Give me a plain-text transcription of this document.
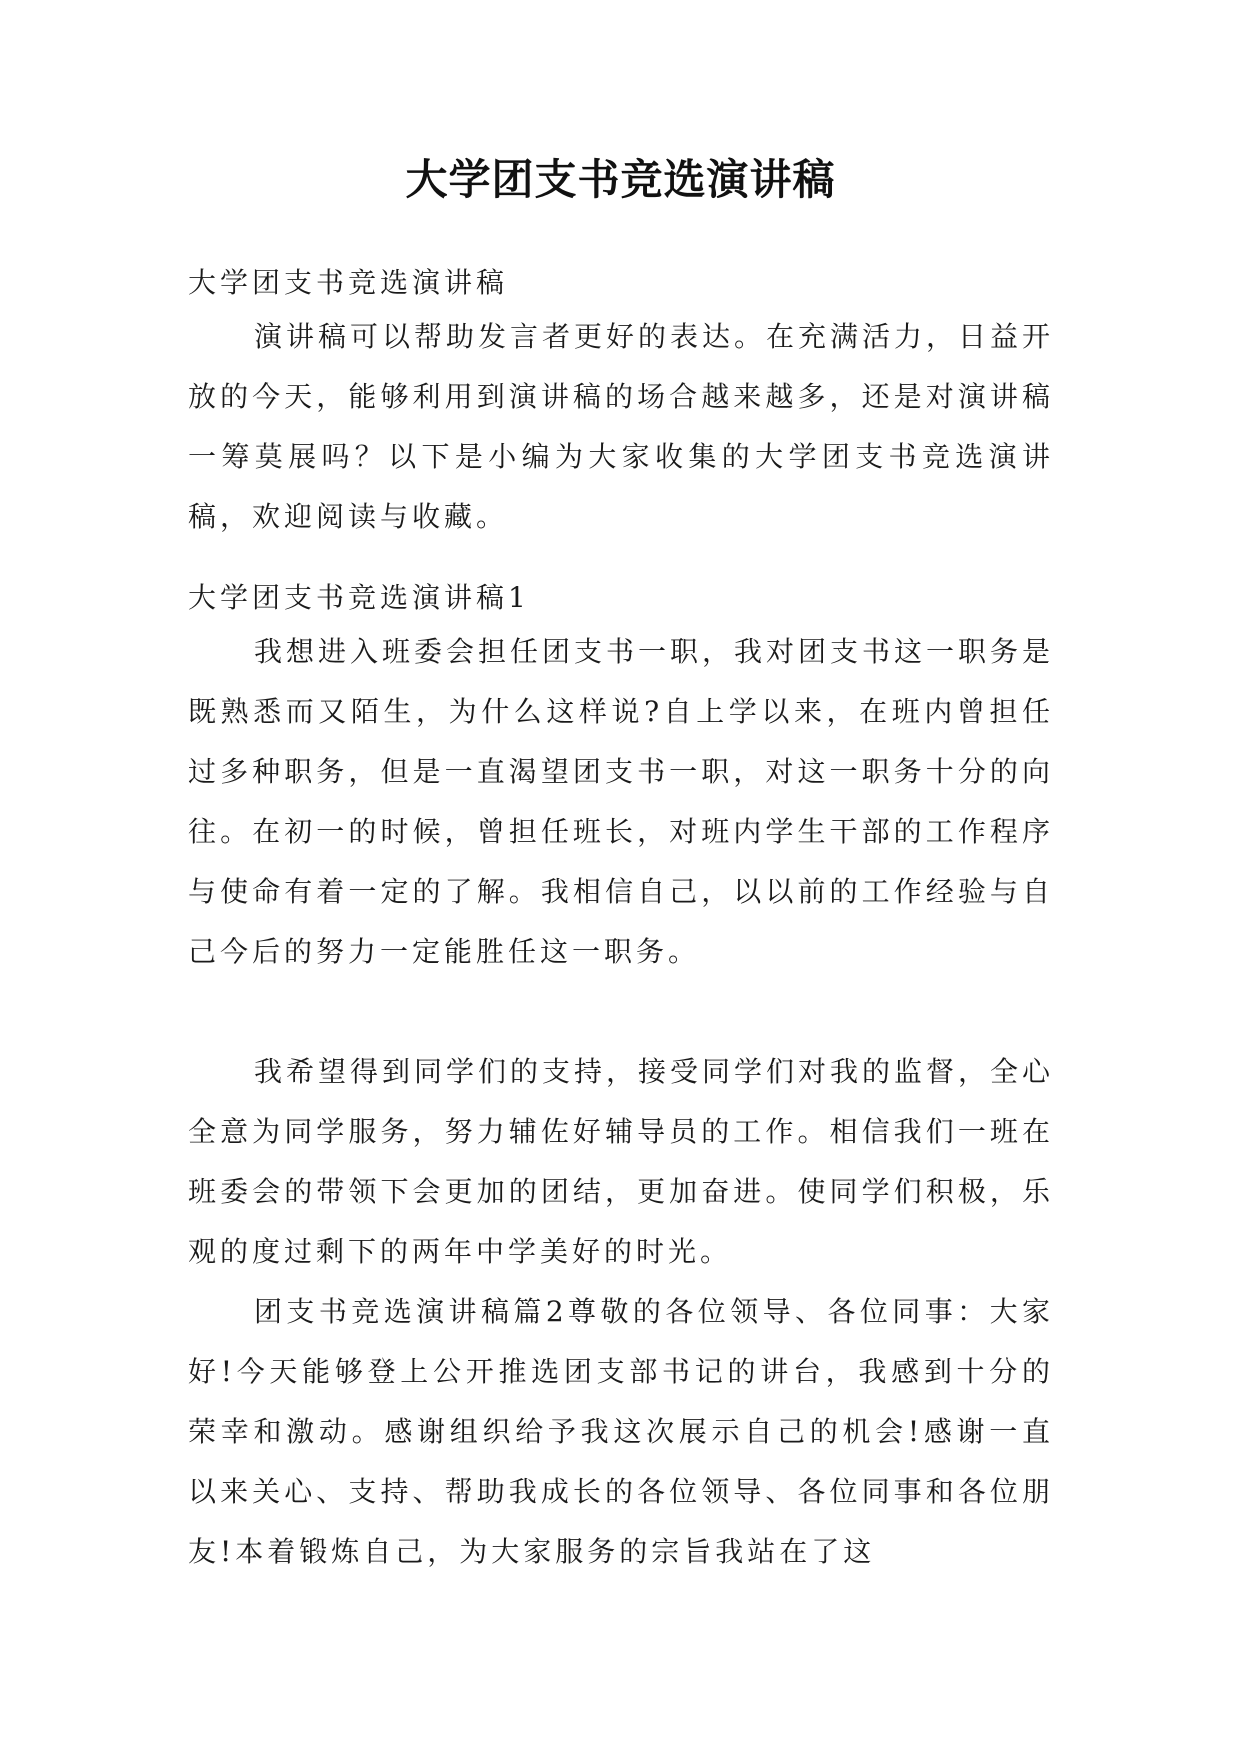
大学团支书竞选演讲稿
大学团支书竞选演讲稿
演讲稿可以帮助发言者更好的表达。在充满活力，日益开放的今天，能够利用到演讲稿的场合越来越多，还是对演讲稿一筹莫展吗？以下是小编为大家收集的大学团支书竞选演讲稿，欢迎阅读与收藏。
大学团支书竞选演讲稿1
我想进入班委会担任团支书一职，我对团支书这一职务是既熟悉而又陌生，为什么这样说?自上学以来，在班内曾担任过多种职务，但是一直渴望团支书一职，对这一职务十分的向往。在初一的时候，曾担任班长，对班内学生干部的工作程序与使命有着一定的了解。我相信自己，以以前的工作经验与自己今后的努力一定能胜任这一职务。
我希望得到同学们的支持，接受同学们对我的监督，全心全意为同学服务，努力辅佐好辅导员的工作。相信我们一班在班委会的带领下会更加的团结，更加奋进。使同学们积极，乐观的度过剩下的两年中学美好的时光。
团支书竞选演讲稿篇2尊敬的各位领导、各位同事：大家好!今天能够登上公开推选团支部书记的讲台，我感到十分的荣幸和激动。感谢组织给予我这次展示自己的机会!感谢一直以来关心、支持、帮助我成长的各位领导、各位同事和各位朋友!本着锻炼自己，为大家服务的宗旨我站在了这
